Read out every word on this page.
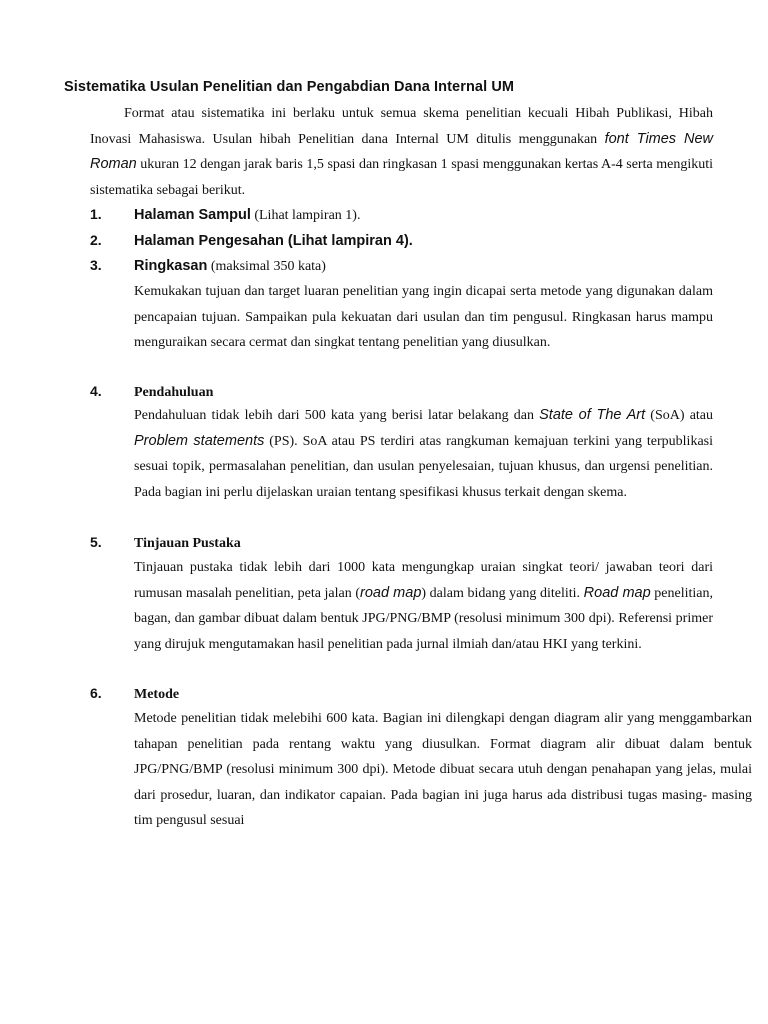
Sistematika Usulan Penelitian dan Pengabdian Dana Internal UM
Format atau sistematika ini berlaku untuk semua skema penelitian kecuali Hibah Publikasi, Hibah Inovasi Mahasiswa. Usulan hibah Penelitian dana Internal UM ditulis menggunakan font Times New Roman ukuran 12 dengan jarak baris 1,5 spasi dan ringkasan 1 spasi menggunakan kertas A-4 serta mengikuti sistematika sebagai berikut.
1. Halaman Sampul (Lihat lampiran 1).
2. Halaman Pengesahan (Lihat lampiran 4).
3. Ringkasan (maksimal 350 kata)
Kemukakan tujuan dan target luaran penelitian yang ingin dicapai serta metode yang digunakan dalam pencapaian tujuan. Sampaikan pula kekuatan dari usulan dan tim pengusul. Ringkasan harus mampu menguraikan secara cermat dan singkat tentang penelitian yang diusulkan.
4. Pendahuluan
Pendahuluan tidak lebih dari 500 kata yang berisi latar belakang dan State of The Art (SoA) atau Problem statements (PS). SoA atau PS terdiri atas rangkuman kemajuan terkini yang terpublikasi sesuai topik, permasalahan penelitian, dan usulan penyelesaian, tujuan khusus, dan urgensi penelitian. Pada bagian ini perlu dijelaskan uraian tentang spesifikasi khusus terkait dengan skema.
5. Tinjauan Pustaka
Tinjauan pustaka tidak lebih dari 1000 kata mengungkap uraian singkat teori/ jawaban teori dari rumusan masalah penelitian, peta jalan (road map) dalam bidang yang diteliti. Road map penelitian, bagan, dan gambar dibuat dalam bentuk JPG/PNG/BMP (resolusi minimum 300 dpi). Referensi primer yang dirujuk mengutamakan hasil penelitian pada jurnal ilmiah dan/atau HKI yang terkini.
6. Metode
Metode penelitian tidak melebihi 600 kata. Bagian ini dilengkapi dengan diagram alir yang menggambarkan tahapan penelitian pada rentang waktu yang diusulkan. Format diagram alir dibuat dalam bentuk JPG/PNG/BMP (resolusi minimum 300 dpi). Metode dibuat secara utuh dengan penahapan yang jelas, mulai dari prosedur, luaran, dan indikator capaian. Pada bagian ini juga harus ada distribusi tugas masing- masing tim pengusul sesuai
